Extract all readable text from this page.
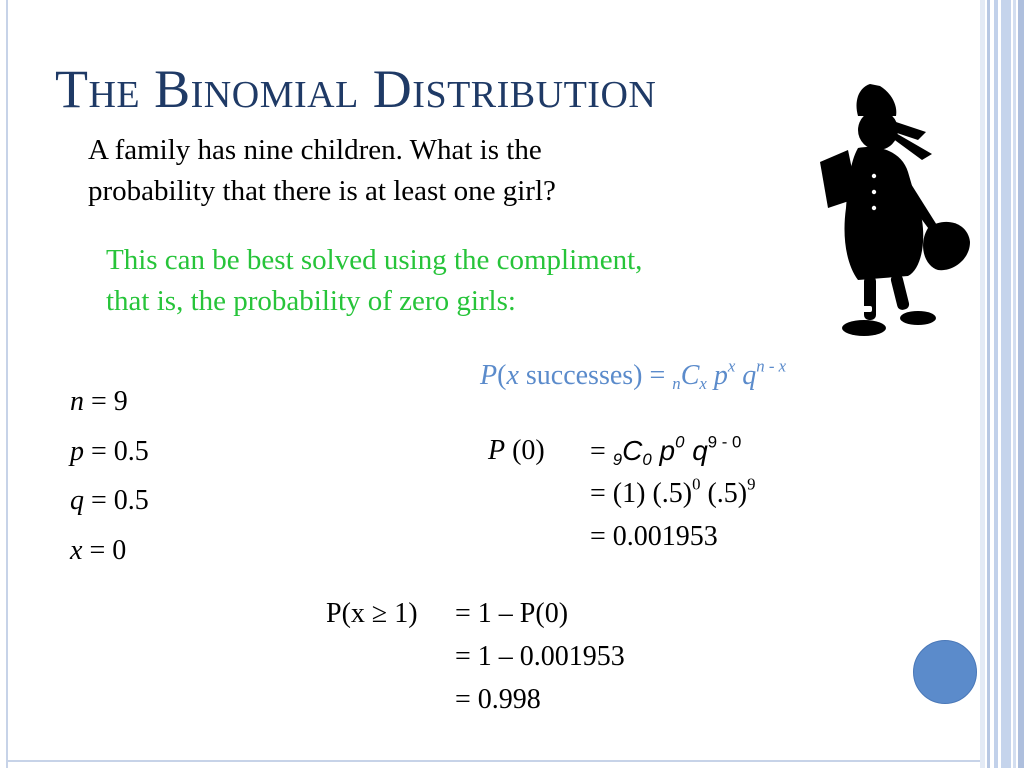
The Binomial Distribution
A family has nine children. What is the
probability that there is at least one girl?
This can be best solved using the compliment,
that is, the probability of zero girls:
P(x successes) = $_nC_x$ $p^x$ $q^{n - x}$
n = 9
p = 0.5
q = 0.5
x = 0
P $(0) = _9C_0$ $p^0$ $q^{9 - 0}$
= (1) $(.5)^0$ $(.5)^9$
= 0.001953
P(x ≥ 1) = 1 – P(0)
= 1 – 0.001953
= 0.998
